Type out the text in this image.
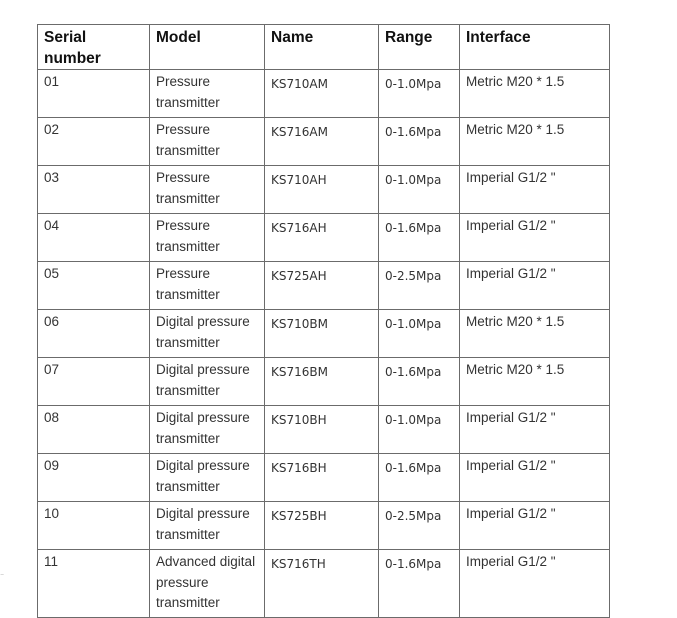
Serial number	Model	Name	Range	Interface
01	Pressure transmitter	KS710AM	0-1.0Mpa	Metric M20 * 1.5
02	Pressure transmitter	KS716AM	0-1.6Mpa	Metric M20 * 1.5
03	Pressure transmitter	KS710AH	0-1.0Mpa	Imperial G1/2 "
04	Pressure transmitter	KS716AH	0-1.6Mpa	Imperial G1/2 "
05	Pressure transmitter	KS725AH	0-2.5Mpa	Imperial G1/2 "
06	Digital pressure transmitter	KS710BM	0-1.0Mpa	Metric M20 * 1.5
07	Digital pressure transmitter	KS716BM	0-1.6Mpa	Metric M20 * 1.5
08	Digital pressure transmitter	KS710BH	0-1.0Mpa	Imperial G1/2 "
09	Digital pressure transmitter	KS716BH	0-1.6Mpa	Imperial G1/2 "
10	Digital pressure transmitter	KS725BH	0-2.5Mpa	Imperial G1/2 "
11	Advanced digital pressure transmitter	KS716TH	0-1.6Mpa	Imperial G1/2 "
⁻
